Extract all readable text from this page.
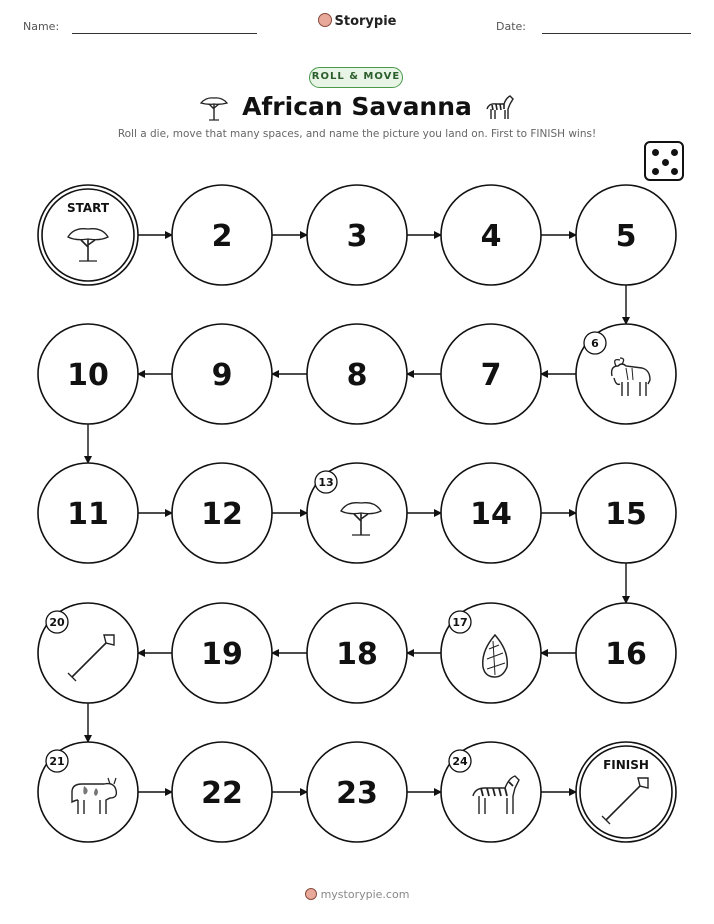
Name:	Storypie	Date:
ROLL & MOVE
African Savanna
Roll a die, move that many spaces, and name the picture you land on. First to FINISH wins!
START
2	3	4	5
6
7
8
9
10
11	12
13
14	15
16
17
18
19
20
21
22	23
24	FINISH
mystorypie.com
